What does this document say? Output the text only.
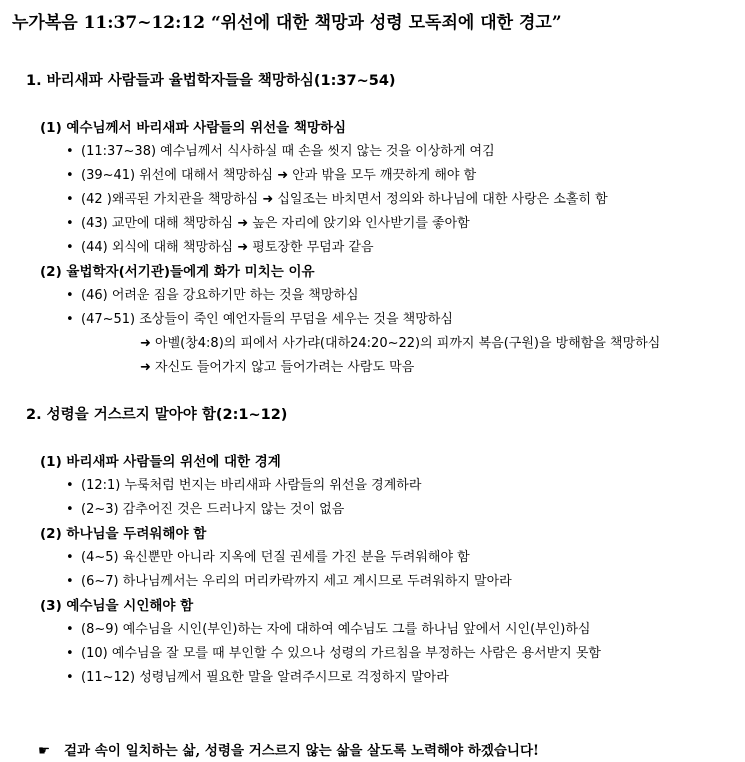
누가복음 11:37~12:12 “위선에 대한 책망과 성령 모독죄에 대한 경고”
1. 바리새파 사람들과 율법학자들을 책망하심(1:37~54)
(1) 예수님께서 바리새파 사람들의 위선을 책망하심
• (11:37~38) 예수님께서 식사하실 때 손을 씻지 않는 것을 이상하게 여김
• (39~41) 위선에 대해서 책망하심 ➜ 안과 밖을 모두 깨끗하게 해야 함
• (42 )왜곡된 가치관을 책망하심 ➜ 십일조는 바치면서 정의와 하나님에 대한 사랑은 소홀히 함
• (43) 교만에 대해 책망하심 ➜ 높은 자리에 앉기와 인사받기를 좋아함
• (44) 외식에 대해 책망하심 ➜ 평토장한 무덤과 같음
(2) 율법학자(서기관)들에게 화가 미치는 이유
• (46) 어려운 짐을 강요하기만 하는 것을 책망하심
• (47~51) 조상들이 죽인 예언자들의 무덤을 세우는 것을 책망하심
➜ 아벨(창4:8)의 피에서 사가랴(대하24:20~22)의 피까지 복음(구원)을 방해함을 책망하심
➜ 자신도 들어가지 않고 들어가려는 사람도 막음
2. 성령을 거스르지 말아야 함(2:1~12)
(1) 바리새파 사람들의 위선에 대한 경계
• (12:1) 누룩처럼 번지는 바리새파 사람들의 위선을 경계하라
• (2~3) 감추어진 것은 드러나지 않는 것이 없음
(2) 하나님을 두려워해야 함
• (4~5) 육신뿐만 아니라 지옥에 던질 권세를 가진 분을 두려워해야 함
• (6~7) 하나님께서는 우리의 머리카락까지 세고 계시므로 두려워하지 말아라
(3) 예수님을 시인해야 함
• (8~9) 예수님을 시인(부인)하는 자에 대하여 예수님도 그를 하나님 앞에서 시인(부인)하심
• (10) 예수님을 잘 모를 때 부인할 수 있으나 성령의 가르침을 부정하는 사람은 용서받지 못함
• (11~12) 성령님께서 필요한 말을 알려주시므로 걱정하지 말아라
☛ 겉과 속이 일치하는 삶, 성령을 거스르지 않는 삶을 살도록 노력해야 하겠습니다!
